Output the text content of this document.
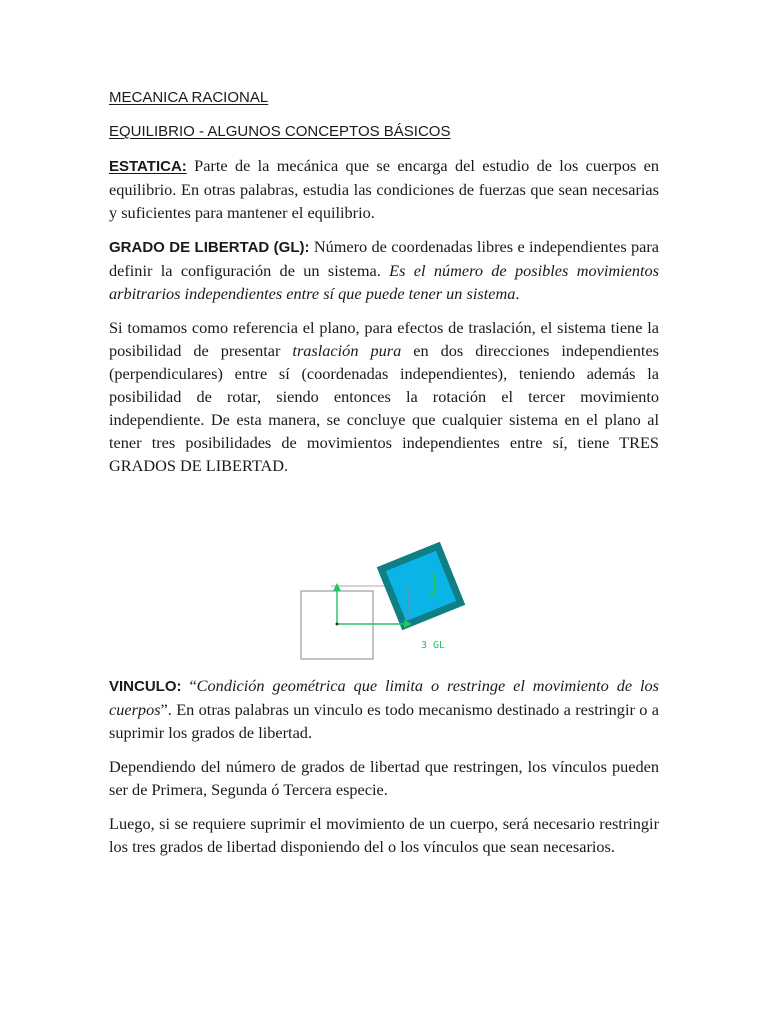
MECANICA RACIONAL

EQUILIBRIO - ALGUNOS CONCEPTOS BÁSICOS

ESTATICA: Parte de la mecánica que se encarga del estudio de los cuerpos en equilibrio. En otras palabras, estudia las condiciones de fuerzas que sean necesarias y suficientes para mantener el equilibrio.

GRADO DE LIBERTAD (GL): Número de coordenadas libres e independientes para definir la configuración de un sistema. Es el número de posibles movimientos arbitrarios independientes entre sí que puede tener un sistema.

Si tomamos como referencia el plano, para efectos de traslación, el sistema tiene la posibilidad de presentar traslación pura en dos direcciones independientes (perpendiculares) entre sí (coordenadas independientes), teniendo además la posibilidad de rotar, siendo entonces la rotación el tercer movimiento independiente. De esta manera, se concluye que cualquier sistema en el plano al tener tres posibilidades de movimientos independientes entre sí, tiene TRES GRADOS DE LIBERTAD.

3 GL

VINCULO: “Condición geométrica que limita o restringe el movimiento de los cuerpos”. En otras palabras un vinculo es todo mecanismo destinado a restringir o a suprimir los grados de libertad.

Dependiendo del número de grados de libertad que restringen, los vínculos pueden ser de Primera, Segunda ó Tercera especie.

Luego, si se requiere suprimir el movimiento de un cuerpo, será necesario restringir los tres grados de libertad disponiendo del o los vínculos que sean necesarios.
